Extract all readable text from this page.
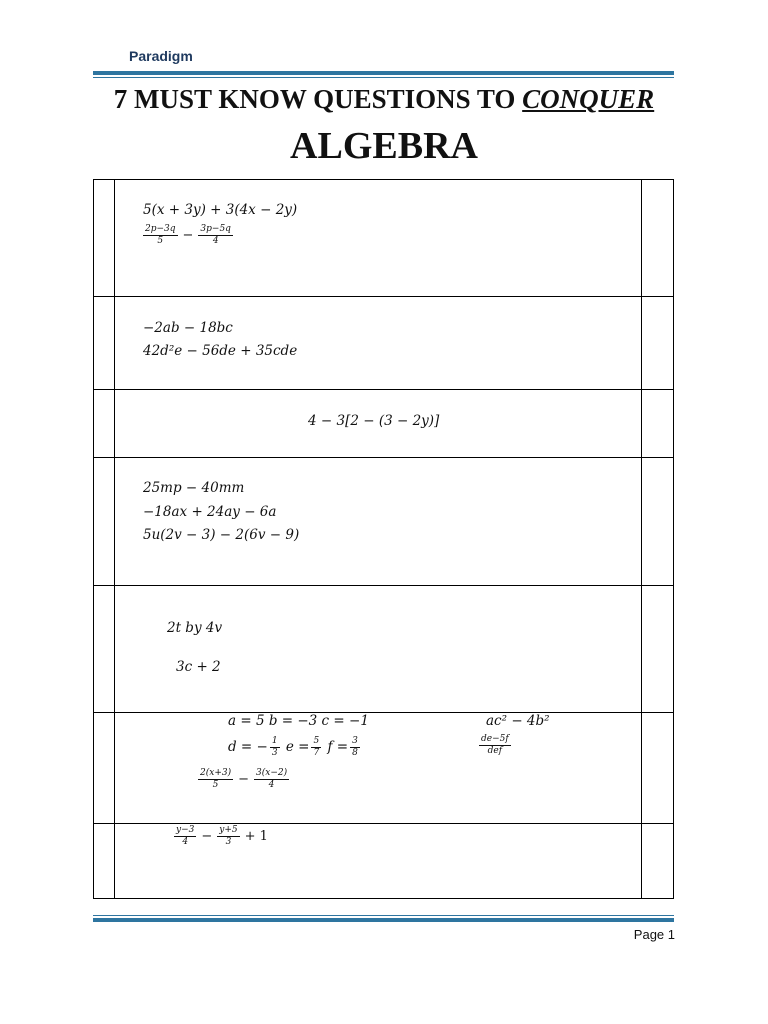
Paradigm
7 MUST KNOW QUESTIONS TO CONQUER
ALGEBRA
5(x + 3y) + 3(4x − 2y)
$\frac{2p-3q}{5} - \frac{3p-5q}{4}$
−2ab − 18bc
42d²e − 56de + 35cde
4 − 3[2 − (3 − 2y)]
25mp − 40mm
−18ax + 24ay − 6a
5u(2v − 3) − 2(6v − 9)
2t by 4v
3c + 2
a = 5 b = −3 c = −1	ac² − 4b²
d = − $\frac{1}{3}$ $e = \frac{5}{7}$ $f = \frac{3}{8}$	$\frac{de-5f}{\text{def}}$
$\frac{2(x+3)}{5} - \frac{3(x-2)}{4}$
$\frac{y-3}{4} - \frac{y+5}{3} + 1$
Page 1
